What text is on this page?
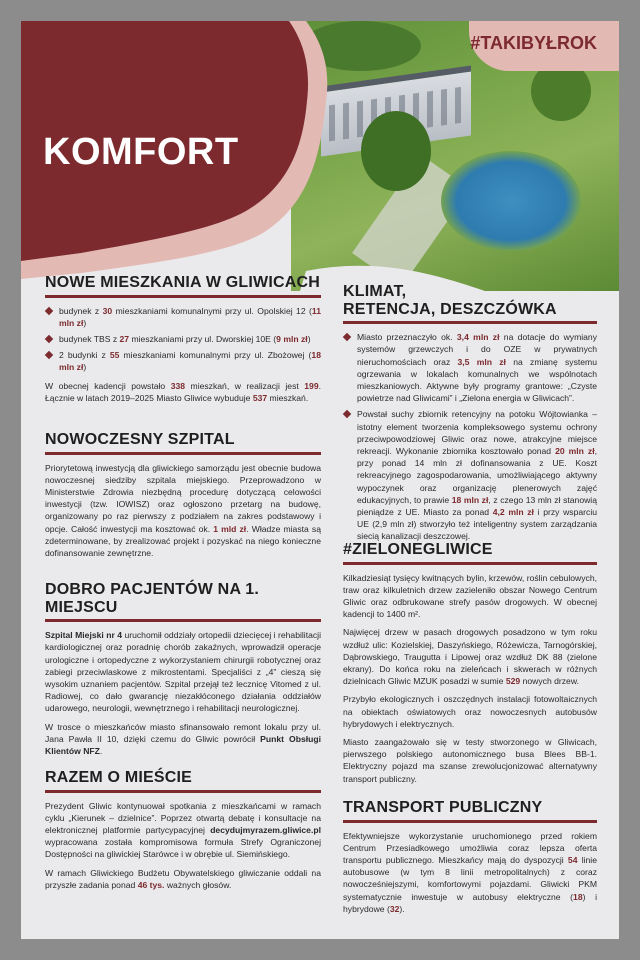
#TAKIBYŁROK
KOMFORT
NOWE MIESZKANIA W GLIWICACH
budynek z 30 mieszkaniami komunalnymi przy ul. Opolskiej 12 (11 mln zł)
budynek TBS z 27 mieszkaniami przy ul. Dworskiej 10E (9 mln zł)
2 budynki z 55 mieszkaniami komunalnymi przy ul. Zbożowej (18 mln zł)

W obecnej kadencji powstało 338 mieszkań, w realizacji jest 199. Łącznie w latach 2019–2025 Miasto Gliwice wybuduje 537 mieszkań.

NOWOCZESNY SZPITAL

Priorytetową inwestycją dla gliwickiego samorządu jest obecnie budowa nowoczesnej siedziby szpitala miejskiego. Przeprowadzono w Ministerstwie Zdrowia niezbędną procedurę dotyczącą celowości inwestycji (tzw. IOWISZ) oraz ogłoszono przetarg na budowę, organizowany po raz pierwszy z podziałem na zakres podstawowy i opcje. Całość inwestycji ma kosztować ok. 1 mld zł. Władze miasta są zdeterminowane, by zrealizować projekt i pozyskać na niego konieczne dofinansowanie zewnętrzne.

DOBRO PACJENTÓW NA 1. MIEJSCU

Szpital Miejski nr 4 uruchomił oddziały ortopedii dziecięcej i rehabilitacji kardiologicznej oraz poradnię chorób zakaźnych, wprowadził operacje urologiczne i ortopedyczne z wykorzystaniem chirurgii robotycznej oraz zabiegi przeciwlaskowe z mikrostentami. Specjaliści z „4” cieszą się wysokim uznaniem pacjentów. Szpital przejął też lecznicę Vitomed z ul. Radiowej, co dało gwarancję niezakłóconego działania oddziałów udarowego, neurologii, wewnętrznego i rehabilitacji neurologicznej.

W trosce o mieszkańców miasto sfinansowało remont lokalu przy ul. Jana Pawła II 10, dzięki czemu do Gliwic powrócił Punkt Obsługi Klientów NFZ.

RAZEM O MIEŚCIE

Prezydent Gliwic kontynuował spotkania z mieszkańcami w ramach cyklu „Kierunek – dzielnice”. Poprzez otwartą debatę i konsultacje na elektronicznej platformie partycypacyjnej decydujmyrazem.gliwice.pl wypracowana została kompromisowa formuła Strefy Ograniczonej Dostępności na gliwickiej Starówce i w obrębie ul. Siemińskiego.

W ramach Gliwickiego Budżetu Obywatelskiego gliwiczanie oddali na przyszłe zadania ponad 46 tys. ważnych głosów.

KLIMAT,
RETENCJA, DESZCZÓWKA
Miasto przeznaczyło ok. 3,4 mln zł na dotacje do wymiany systemów grzewczych i do OZE w prywatnych nieruchomościach oraz 3,5 mln zł na zmianę systemu ogrzewania w lokalach komunalnych we wspólnotach mieszkaniowych. Aktywne były programy grantowe: „Czyste powietrze nad Gliwicami” i „Zielona energia w Gliwicach”.
Powstał suchy zbiornik retencyjny na potoku Wójtowianka – istotny element tworzenia kompleksowego systemu ochrony przeciwpowodziowej Gliwic oraz nowe, atrakcyjne miejsce rekreacji. Wykonanie zbiornika kosztowało ponad 20 mln zł, przy ponad 14 mln zł dofinansowania z UE. Koszt rekreacyjnego zagospodarowania, umożliwiającego aktywny wypoczynek oraz organizację plenerowych zajęć edukacyjnych, to prawie 18 mln zł, z czego 13 mln zł stanowią pieniądze z UE. Miasto za ponad 4,2 mln zł i przy wsparciu UE (2,9 mln zł) stworzyło też inteligentny system zarządzania siecią kanalizacji deszczowej.
#ZIELONEGLIWICE

Kilkadziesiąt tysięcy kwitnących bylin, krzewów, roślin cebulowych, traw oraz kilkuletnich drzew zazieleniło obszar Nowego Centrum Gliwic oraz odbrukowane strefy pasów drogowych. W obecnej kadencji to 1400 m².

Najwięcej drzew w pasach drogowych posadzono w tym roku wzdłuż ulic: Kozielskiej, Daszyńskiego, Różewicza, Tarnogórskiej, Dąbrowskiego, Traugutta i Lipowej oraz wzdłuż DK 88 (zielone ekrany). Do końca roku na zieleńcach i skwerach w różnych dzielnicach Gliwic MZUK posadzi w sumie 529 nowych drzew.

Przybyło ekologicznych i oszczędnych instalacji fotowoltaicznych na obiektach oświatowych oraz nowoczesnych autobusów hybrydowych i elektrycznych.

Miasto zaangażowało się w testy stworzonego w Gliwicach, pierwszego polskiego autonomicznego busa Blees BB-1. Elektryczny pojazd ma szanse zrewolucjonizować alternatywny transport publiczny.

TRANSPORT PUBLICZNY

Efektywniejsze wykorzystanie uruchomionego przed rokiem Centrum Przesiadkowego umożliwia coraz lepsza oferta transportu publicznego. Mieszkańcy mają do dyspozycji 54 linie autobusowe (w tym 8 linii metropolitalnych) z coraz nowocześniejszymi, komfortowymi pojazdami. Gliwicki PKM systematycznie inwestuje w autobusy elektryczne (18) i hybrydowe (32).
